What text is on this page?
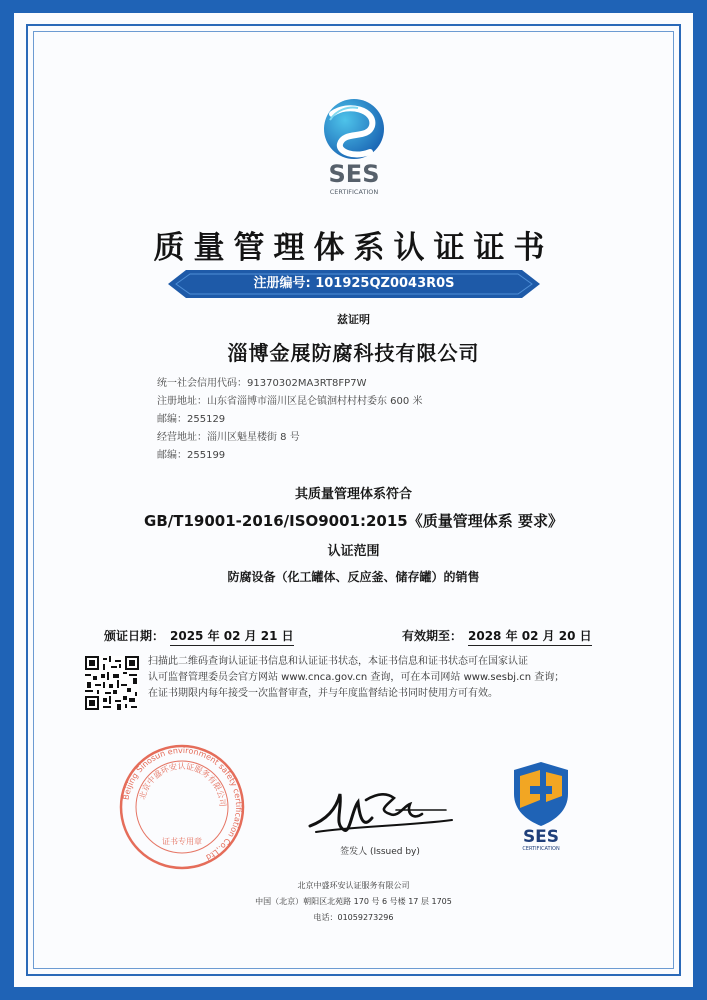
SES
CERTIFICATION
质量管理体系认证证书
注册编号: 101925QZ0043R0S
兹证明
淄博金展防腐科技有限公司
统一社会信用代码：91370302MA3RT8FP7W
注册地址：山东省淄博市淄川区昆仑镇洄村村村委东 600 米
邮编：255129
经营地址：淄川区魁星楼街 8 号
邮编：255199
其质量管理体系符合
GB/T19001-2016/ISO9001:2015《质量管理体系 要求》
认证范围
防腐设备（化工罐体、反应釜、储存罐）的销售
颁证日期： 2025 年 02 月 21 日	有效期至： 2028 年 02 月 20 日
扫描此二维码查询认证证书信息和认证证书状态，本证书信息和证书状态可在国家认证
认可监督管理委员会官方网站 www.cnca.gov.cn 查询，可在本司网站 www.sesbj.cn 查询；
在证书期限内每年接受一次监督审查，并与年度监督结论书同时使用方可有效。
Beijing Sinosun environment safety certification Co.,Ltd
北京中盛环安认证服务有限公司
证书专用章
签发人 (Issued by)
SES
CERTIFICATION
北京中盛环安认证服务有限公司
中国（北京）朝阳区北苑路 170 号 6 号楼 17 层 1705
电话：01059273296
